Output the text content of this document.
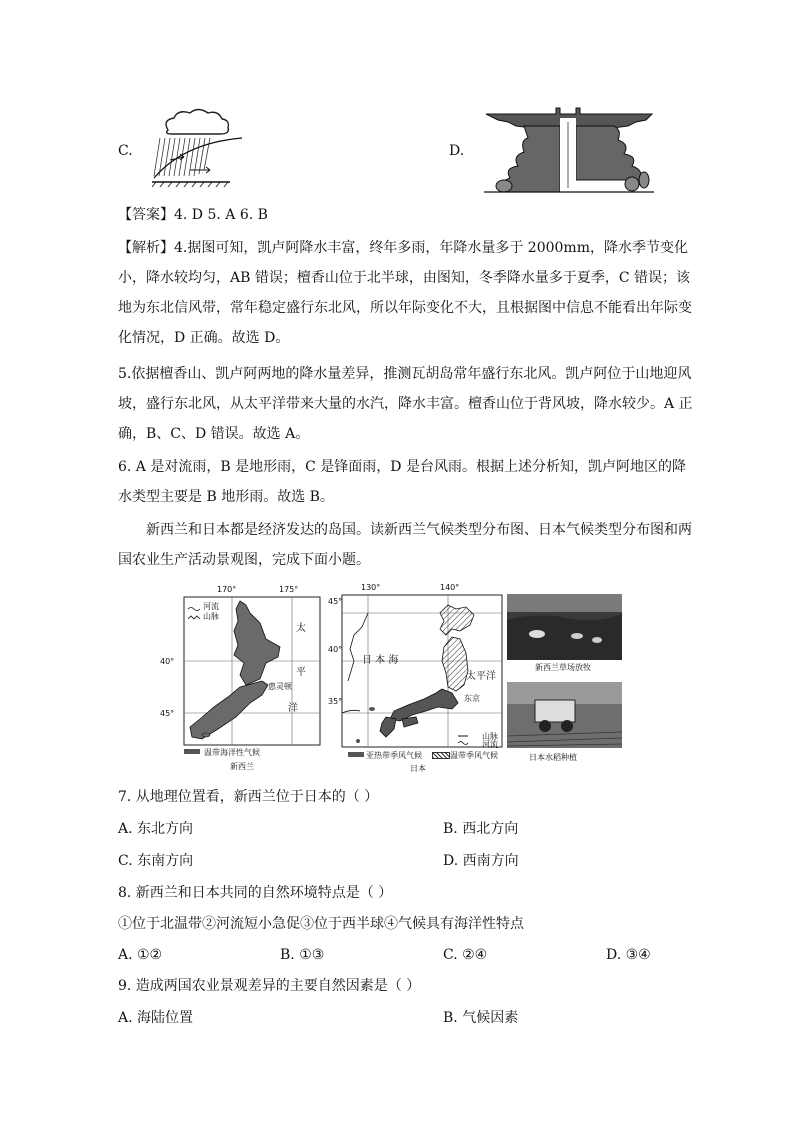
C.	D.
【答案】4. D 5. A 6. B
【解析】4.据图可知，凯卢阿降水丰富，终年多雨，年降水量多于 2000mm，降水季节变化小，降水较均匀，AB 错误；檀香山位于北半球，由图知，冬季降水量多于夏季，C 错误；该地为东北信风带，常年稳定盛行东北风，所以年际变化不大，且根据图中信息不能看出年际变化情况，D 正确。故选 D。
5.依据檀香山、凯卢阿两地的降水量差异，推测瓦胡岛常年盛行东北风。凯卢阿位于山地迎风坡，盛行东北风，从太平洋带来大量的水汽，降水丰富。檀香山位于背风坡，降水较少。A 正确，B、C、D 错误。故选 A。
6. A 是对流雨，B 是地形雨，C 是锋面雨，D 是台风雨。根据上述分析知，凯卢阿地区的降水类型主要是 B 地形雨。故选 B。
新西兰和日本都是经济发达的岛国。读新西兰气候类型分布图、日本气候类型分布图和两国农业生产活动景观图，完成下面小题。
170°	175°
河流
山脉
40°
45°
太
平
洋
惠灵顿
温带海洋性气候
新西兰
130°	140°
45°
40°
35°
日 本 海
太平洋
东京
山脉
河流
亚热带季风气候	温带季风气候
日本
新西兰草场放牧
日本水稻种植
7. 从地理位置看，新西兰位于日本的（ ）
A. 东北方向	B. 西北方向
C. 东南方向	D. 西南方向
8. 新西兰和日本共同的自然环境特点是（ ）
①位于北温带②河流短小急促③位于西半球④气候具有海洋性特点
A. ①②	B. ①③	C. ②④	D. ③④
9. 造成两国农业景观差异的主要自然因素是（ ）
A. 海陆位置	B. 气候因素
